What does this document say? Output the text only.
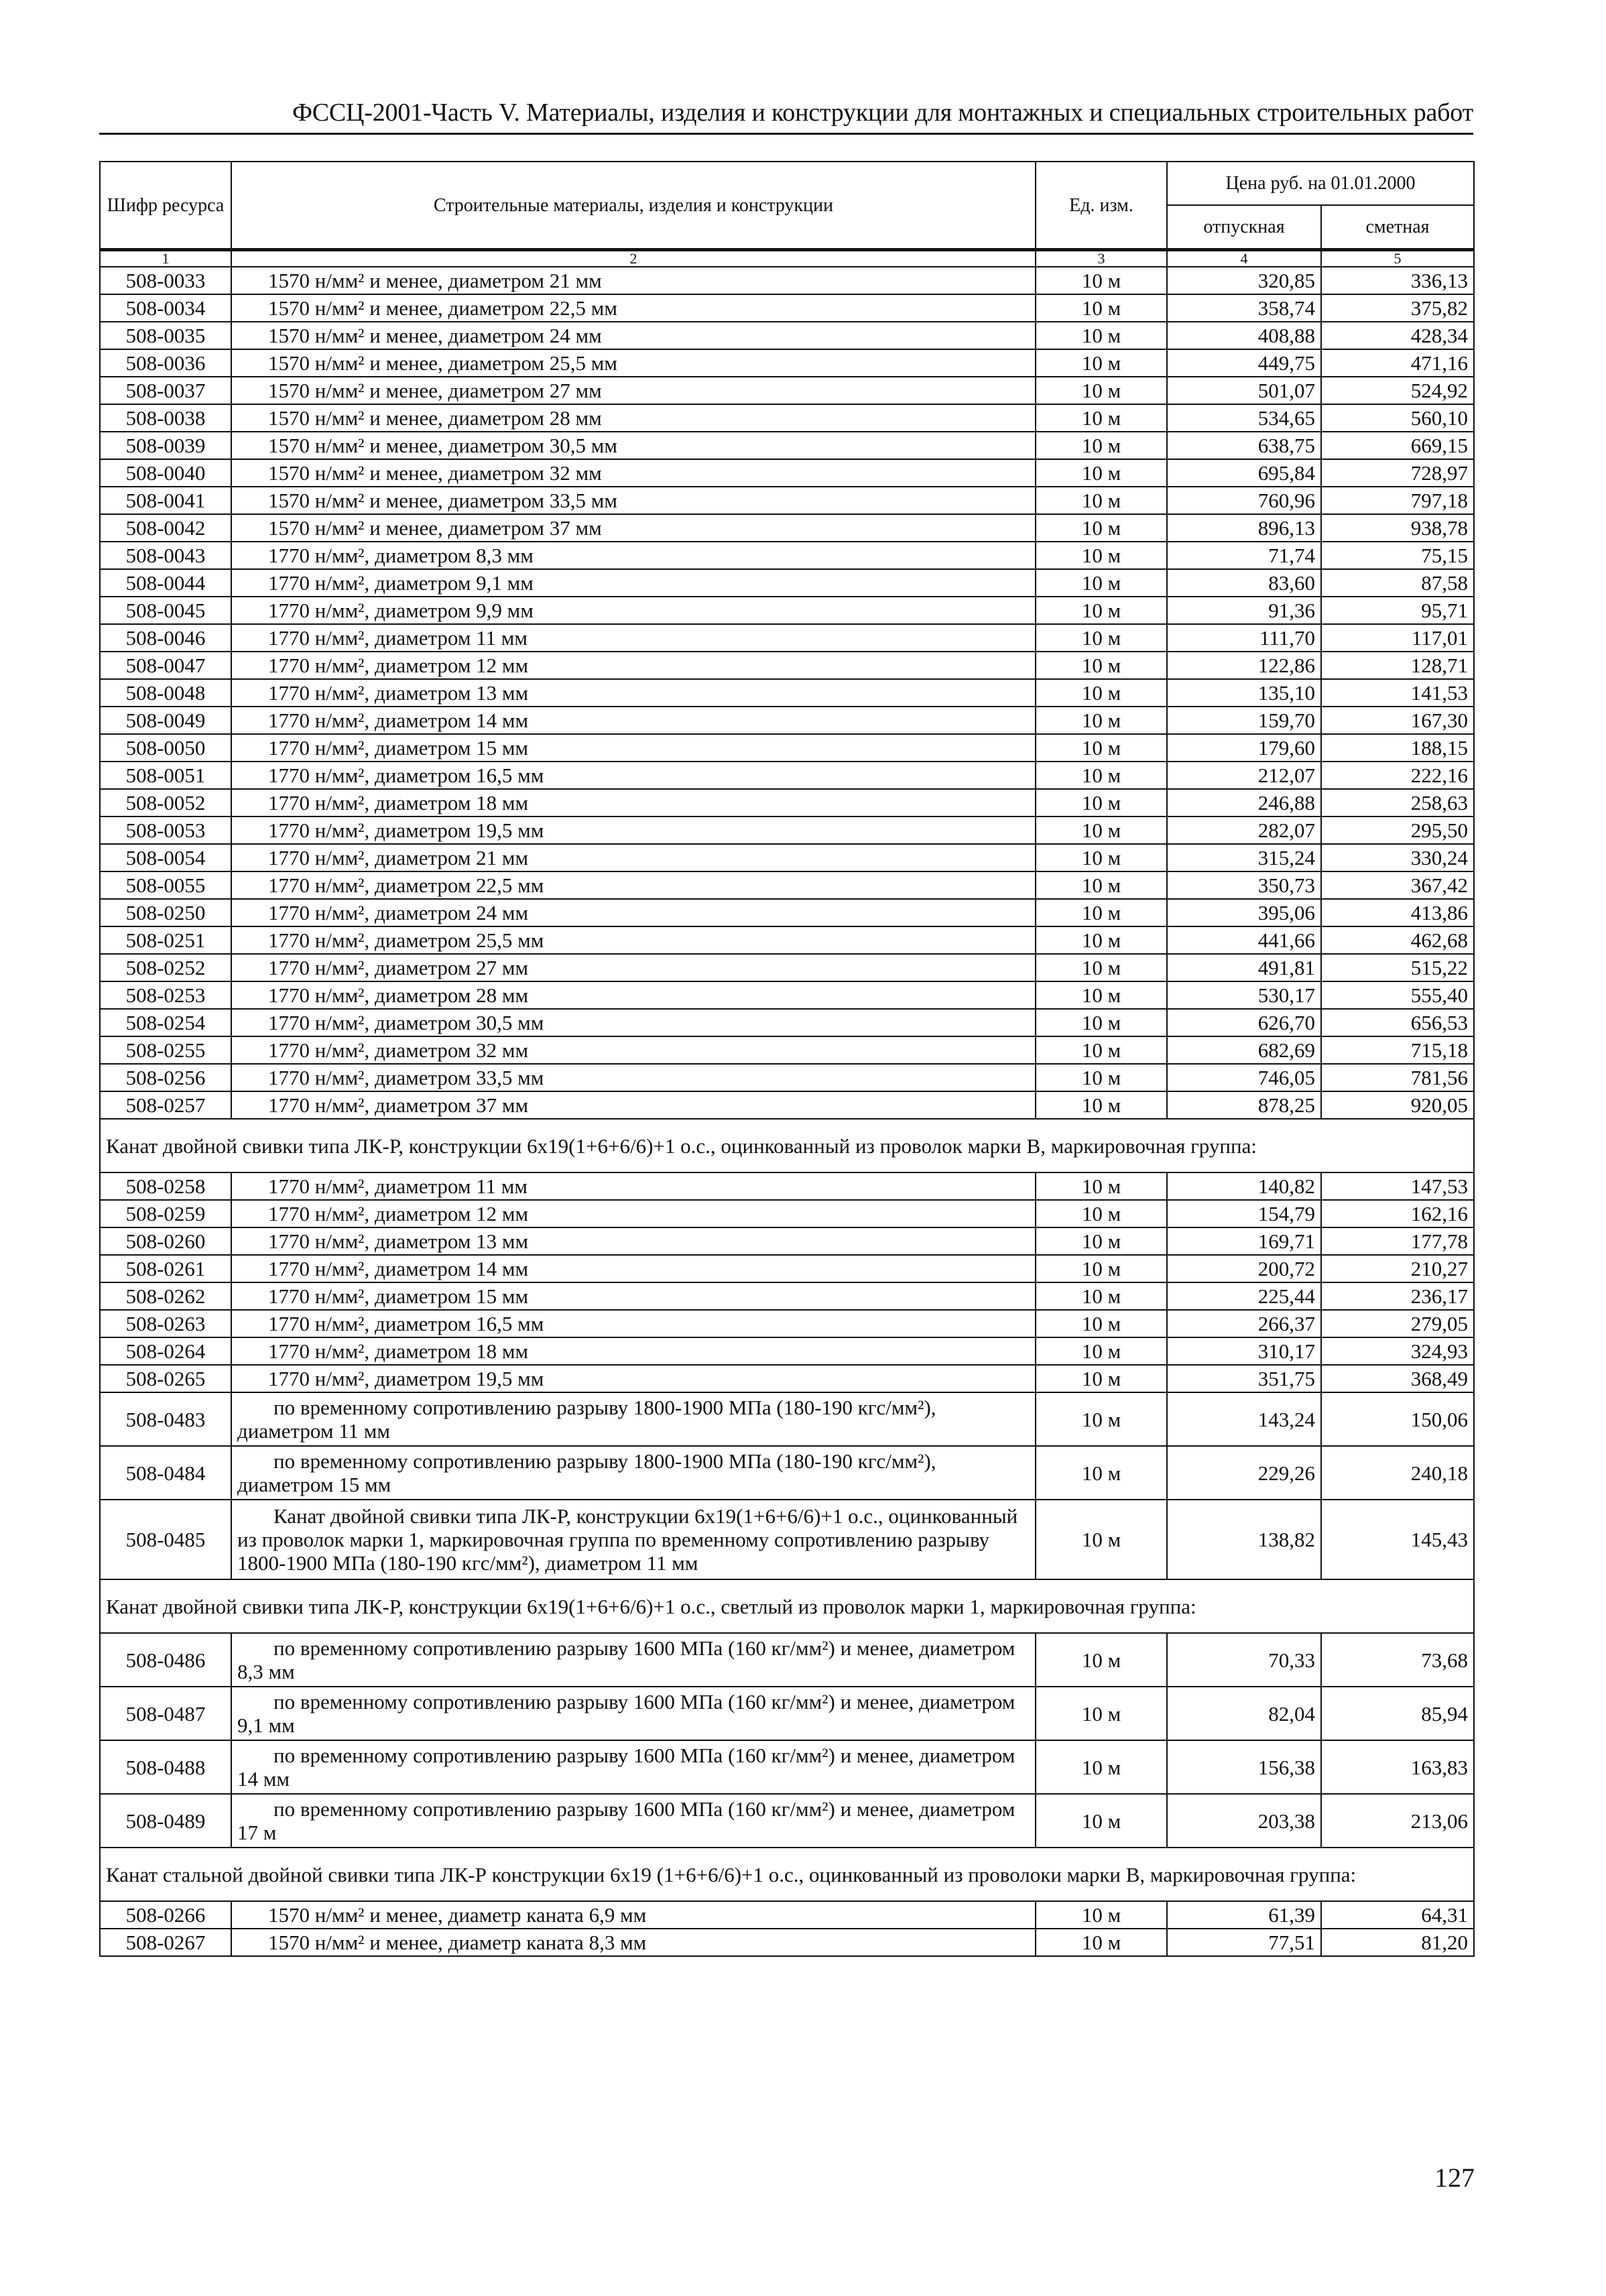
ФССЦ-2001-Часть V. Материалы, изделия и конструкции для монтажных и специальных строительных работ
Шифр ресурса	Строительные материалы, изделия и конструкции	Ед. изм.	Цена руб. на 01.01.2000	
			отпускная	сметная
1	2	3	4	5
508-0033	1570 н/мм² и менее, диаметром 21 мм	10 м	320,85	336,13
508-0034	1570 н/мм² и менее, диаметром 22,5 мм	10 м	358,74	375,82
508-0035	1570 н/мм² и менее, диаметром 24 мм	10 м	408,88	428,34
508-0036	1570 н/мм² и менее, диаметром 25,5 мм	10 м	449,75	471,16
508-0037	1570 н/мм² и менее, диаметром 27 мм	10 м	501,07	524,92
508-0038	1570 н/мм² и менее, диаметром 28 мм	10 м	534,65	560,10
508-0039	1570 н/мм² и менее, диаметром 30,5 мм	10 м	638,75	669,15
508-0040	1570 н/мм² и менее, диаметром 32 мм	10 м	695,84	728,97
508-0041	1570 н/мм² и менее, диаметром 33,5 мм	10 м	760,96	797,18
508-0042	1570 н/мм² и менее, диаметром 37 мм	10 м	896,13	938,78
508-0043	1770 н/мм², диаметром 8,3 мм	10 м	71,74	75,15
508-0044	1770 н/мм², диаметром 9,1 мм	10 м	83,60	87,58
508-0045	1770 н/мм², диаметром 9,9 мм	10 м	91,36	95,71
508-0046	1770 н/мм², диаметром 11 мм	10 м	111,70	117,01
508-0047	1770 н/мм², диаметром 12 мм	10 м	122,86	128,71
508-0048	1770 н/мм², диаметром 13 мм	10 м	135,10	141,53
508-0049	1770 н/мм², диаметром 14 мм	10 м	159,70	167,30
508-0050	1770 н/мм², диаметром 15 мм	10 м	179,60	188,15
508-0051	1770 н/мм², диаметром 16,5 мм	10 м	212,07	222,16
508-0052	1770 н/мм², диаметром 18 мм	10 м	246,88	258,63
508-0053	1770 н/мм², диаметром 19,5 мм	10 м	282,07	295,50
508-0054	1770 н/мм², диаметром 21 мм	10 м	315,24	330,24
508-0055	1770 н/мм², диаметром 22,5 мм	10 м	350,73	367,42
508-0250	1770 н/мм², диаметром 24 мм	10 м	395,06	413,86
508-0251	1770 н/мм², диаметром 25,5 мм	10 м	441,66	462,68
508-0252	1770 н/мм², диаметром 27 мм	10 м	491,81	515,22
508-0253	1770 н/мм², диаметром 28 мм	10 м	530,17	555,40
508-0254	1770 н/мм², диаметром 30,5 мм	10 м	626,70	656,53
508-0255	1770 н/мм², диаметром 32 мм	10 м	682,69	715,18
508-0256	1770 н/мм², диаметром 33,5 мм	10 м	746,05	781,56
508-0257	1770 н/мм², диаметром 37 мм	10 м	878,25	920,05
Канат двойной свивки типа ЛК-Р, конструкции 6х19(1+6+6/6)+1 о.с., оцинкованный из проволок марки В, маркировочная группа:				
508-0258	1770 н/мм², диаметром 11 мм	10 м	140,82	147,53
508-0259	1770 н/мм², диаметром 12 мм	10 м	154,79	162,16
508-0260	1770 н/мм², диаметром 13 мм	10 м	169,71	177,78
508-0261	1770 н/мм², диаметром 14 мм	10 м	200,72	210,27
508-0262	1770 н/мм², диаметром 15 мм	10 м	225,44	236,17
508-0263	1770 н/мм², диаметром 16,5 мм	10 м	266,37	279,05
508-0264	1770 н/мм², диаметром 18 мм	10 м	310,17	324,93
508-0265	1770 н/мм², диаметром 19,5 мм	10 м	351,75	368,49
508-0483	по временному сопротивлению разрыву 1800-1900 МПа (180-190 кгс/мм²), диаметром 11 мм	10 м	143,24	150,06
508-0484	по временному сопротивлению разрыву 1800-1900 МПа (180-190 кгс/мм²), диаметром 15 мм	10 м	229,26	240,18
508-0485	Канат двойной свивки типа ЛК-Р, конструкции 6х19(1+6+6/6)+1 о.с., оцинкованный из проволок марки 1, маркировочная группа по временному сопротивлению разрыву 1800-1900 МПа (180-190 кгс/мм²), диаметром 11 мм	10 м	138,82	145,43
Канат двойной свивки типа ЛК-Р, конструкции 6х19(1+6+6/6)+1 о.с., светлый из проволок марки 1, маркировочная группа:				
508-0486	по временному сопротивлению разрыву 1600 МПа (160 кг/мм²) и менее, диаметром 8,3 мм	10 м	70,33	73,68
508-0487	по временному сопротивлению разрыву 1600 МПа (160 кг/мм²) и менее, диаметром 9,1 мм	10 м	82,04	85,94
508-0488	по временному сопротивлению разрыву 1600 МПа (160 кг/мм²) и менее, диаметром 14 мм	10 м	156,38	163,83
508-0489	по временному сопротивлению разрыву 1600 МПа (160 кг/мм²) и менее, диаметром 17 м	10 м	203,38	213,06
Канат стальной двойной свивки типа ЛК-Р конструкции 6х19 (1+6+6/6)+1 о.с., оцинкованный из проволоки марки В, маркировочная группа:				
508-0266	1570 н/мм² и менее, диаметр каната 6,9 мм	10 м	61,39	64,31
508-0267	1570 н/мм² и менее, диаметр каната 8,3 мм	10 м	77,51	81,20
127
